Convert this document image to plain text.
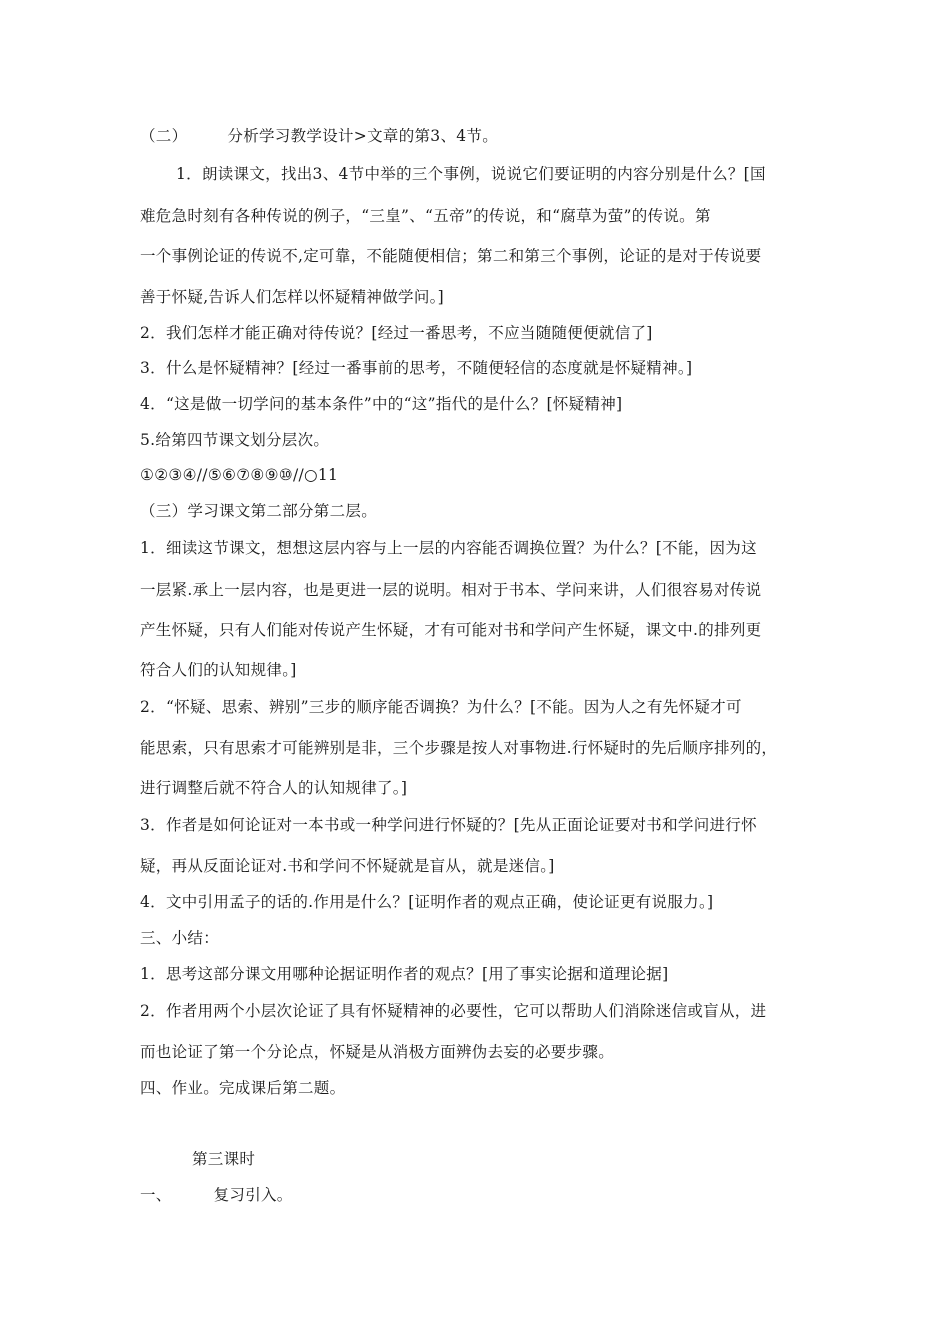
（二）	分析学习教学设计>文章的第3、4节。
1．朗读课文，找出3、4节中举的三个事例，说说它们要证明的内容分别是什么？[国
难危急时刻有各种传说的例子，“三皇”、“五帝”的传说，和“腐草为萤”的传说。第
一个事例论证的传说不,定可靠，不能随便相信；第二和第三个事例，论证的是对于传说要
善于怀疑,告诉人们怎样以怀疑精神做学问。]
2．我们怎样才能正确对待传说？[经过一番思考，不应当随随便便就信了]
3．什么是怀疑精神？[经过一番事前的思考，不随便轻信的态度就是怀疑精神。]
4．“这是做一切学问的基本条件”中的“这”指代的是什么？[怀疑精神]
5.给第四节课文划分层次。
①②③④//⑤⑥⑦⑧⑨⑩//○11
（三）学习课文第二部分第二层。
1．细读这节课文，想想这层内容与上一层的内容能否调换位置？为什么？[不能，因为这
一层紧.承上一层内容，也是更进一层的说明。相对于书本、学问来讲，人们很容易对传说
产生怀疑，只有人们能对传说产生怀疑，才有可能对书和学问产生怀疑，课文中.的排列更
符合人们的认知规律。]
2．“怀疑、思索、辨别”三步的顺序能否调换？为什么？[不能。因为人之有先怀疑才可
能思索，只有思索才可能辨别是非，三个步骤是按人对事物进.行怀疑时的先后顺序排列的，
进行调整后就不符合人的认知规律了。]
3．作者是如何论证对一本书或一种学问进行怀疑的？[先从正面论证要对书和学问进行怀
疑，再从反面论证对.书和学问不怀疑就是盲从，就是迷信。]
4．文中引用孟子的话的.作用是什么？[证明作者的观点正确，使论证更有说服力。]
三、小结：
1．思考这部分课文用哪种论据证明作者的观点？[用了事实论据和道理论据]
2．作者用两个小层次论证了具有怀疑精神的必要性，它可以帮助人们消除迷信或盲从，进
而也论证了第一个分论点，怀疑是从消极方面辨伪去妄的必要步骤。
四、作业。完成课后第二题。
第三课时
一、	复习引入。
